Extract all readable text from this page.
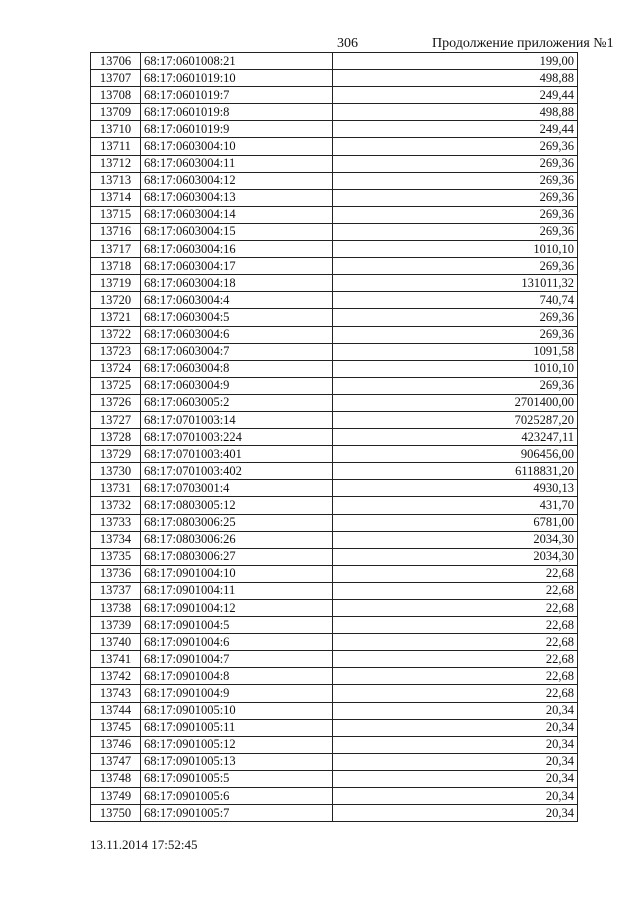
306	Продолжение приложения №1
13706	68:17:0601008:21	199,00
13707	68:17:0601019:10	498,88
13708	68:17:0601019:7	249,44
13709	68:17:0601019:8	498,88
13710	68:17:0601019:9	249,44
13711	68:17:0603004:10	269,36
13712	68:17:0603004:11	269,36
13713	68:17:0603004:12	269,36
13714	68:17:0603004:13	269,36
13715	68:17:0603004:14	269,36
13716	68:17:0603004:15	269,36
13717	68:17:0603004:16	1010,10
13718	68:17:0603004:17	269,36
13719	68:17:0603004:18	131011,32
13720	68:17:0603004:4	740,74
13721	68:17:0603004:5	269,36
13722	68:17:0603004:6	269,36
13723	68:17:0603004:7	1091,58
13724	68:17:0603004:8	1010,10
13725	68:17:0603004:9	269,36
13726	68:17:0603005:2	2701400,00
13727	68:17:0701003:14	7025287,20
13728	68:17:0701003:224	423247,11
13729	68:17:0701003:401	906456,00
13730	68:17:0701003:402	6118831,20
13731	68:17:0703001:4	4930,13
13732	68:17:0803005:12	431,70
13733	68:17:0803006:25	6781,00
13734	68:17:0803006:26	2034,30
13735	68:17:0803006:27	2034,30
13736	68:17:0901004:10	22,68
13737	68:17:0901004:11	22,68
13738	68:17:0901004:12	22,68
13739	68:17:0901004:5	22,68
13740	68:17:0901004:6	22,68
13741	68:17:0901004:7	22,68
13742	68:17:0901004:8	22,68
13743	68:17:0901004:9	22,68
13744	68:17:0901005:10	20,34
13745	68:17:0901005:11	20,34
13746	68:17:0901005:12	20,34
13747	68:17:0901005:13	20,34
13748	68:17:0901005:5	20,34
13749	68:17:0901005:6	20,34
13750	68:17:0901005:7	20,34
13.11.2014 17:52:45
